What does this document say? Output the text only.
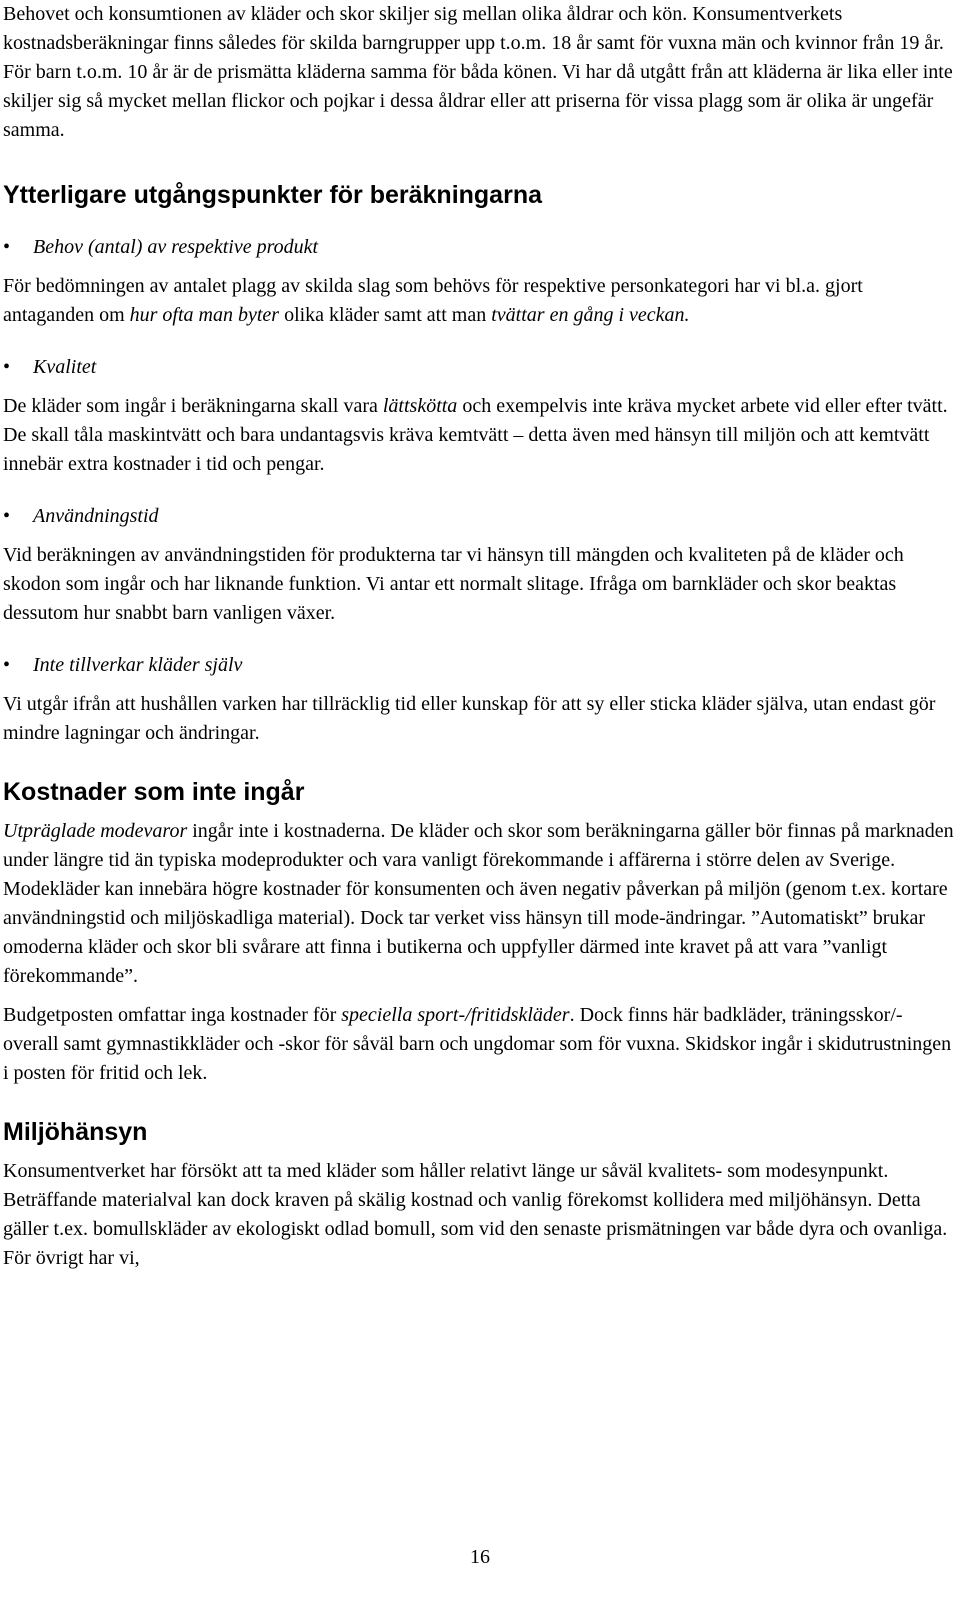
Behovet och konsumtionen av kläder och skor skiljer sig mellan olika åldrar och kön. Konsumentverkets kostnadsberäkningar finns således för skilda barngrupper upp t.o.m. 18 år samt för vuxna män och kvinnor från 19 år. För barn t.o.m. 10 år är de prismätta kläderna samma för båda könen. Vi har då utgått från att kläderna är lika eller inte skiljer sig så mycket mellan flickor och pojkar i dessa åldrar eller att priserna för vissa plagg som är olika är ungefär samma.

Ytterligare utgångspunkter för beräkningarna
• Behov (antal) av respektive produkt

För bedömningen av antalet plagg av skilda slag som behövs för respektive personkategori har vi bl.a. gjort antaganden om hur ofta man byter olika kläder samt att man tvättar en gång i veckan.

• Kvalitet

De kläder som ingår i beräkningarna skall vara lättskötta och exempelvis inte kräva mycket arbete vid eller efter tvätt. De skall tåla maskintvätt och bara undantagsvis kräva kemtvätt – detta även med hänsyn till miljön och att kemtvätt innebär extra kostnader i tid och pengar.

• Användningstid

Vid beräkningen av användningstiden för produkterna tar vi hänsyn till mängden och kvaliteten på de kläder och skodon som ingår och har liknande funktion. Vi antar ett normalt slitage. Ifråga om barnkläder och skor beaktas dessutom hur snabbt barn vanligen växer.

• Inte tillverkar kläder själv

Vi utgår ifrån att hushållen varken har tillräcklig tid eller kunskap för att sy eller sticka kläder själva, utan endast gör mindre lagningar och ändringar.

Kostnader som inte ingår

Utpräglade modevaror ingår inte i kostnaderna. De kläder och skor som beräkningarna gäller bör finnas på marknaden under längre tid än typiska modeprodukter och vara vanligt förekommande i affärerna i större delen av Sverige. Modekläder kan innebära högre kostnader för konsumenten och även negativ påverkan på miljön (genom t.ex. kortare användningstid och miljöskadliga material). Dock tar verket viss hänsyn till mode-ändringar. ”Automatiskt” brukar omoderna kläder och skor bli svårare att finna i butikerna och uppfyller därmed inte kravet på att vara ”vanligt förekommande”.

Budgetposten omfattar inga kostnader för speciella sport-/fritidskläder. Dock finns här badkläder, träningsskor/-overall samt gymnastikkläder och -skor för såväl barn och ungdomar som för vuxna. Skidskor ingår i skidutrustningen i posten för fritid och lek.

Miljöhänsyn

Konsumentverket har försökt att ta med kläder som håller relativt länge ur såväl kvalitets- som modesynpunkt. Beträffande materialval kan dock kraven på skälig kostnad och vanlig förekomst kollidera med miljöhänsyn. Detta gäller t.ex. bomullskläder av ekologiskt odlad bomull, som vid den senaste prismätningen var både dyra och ovanliga. För övrigt har vi,

16
